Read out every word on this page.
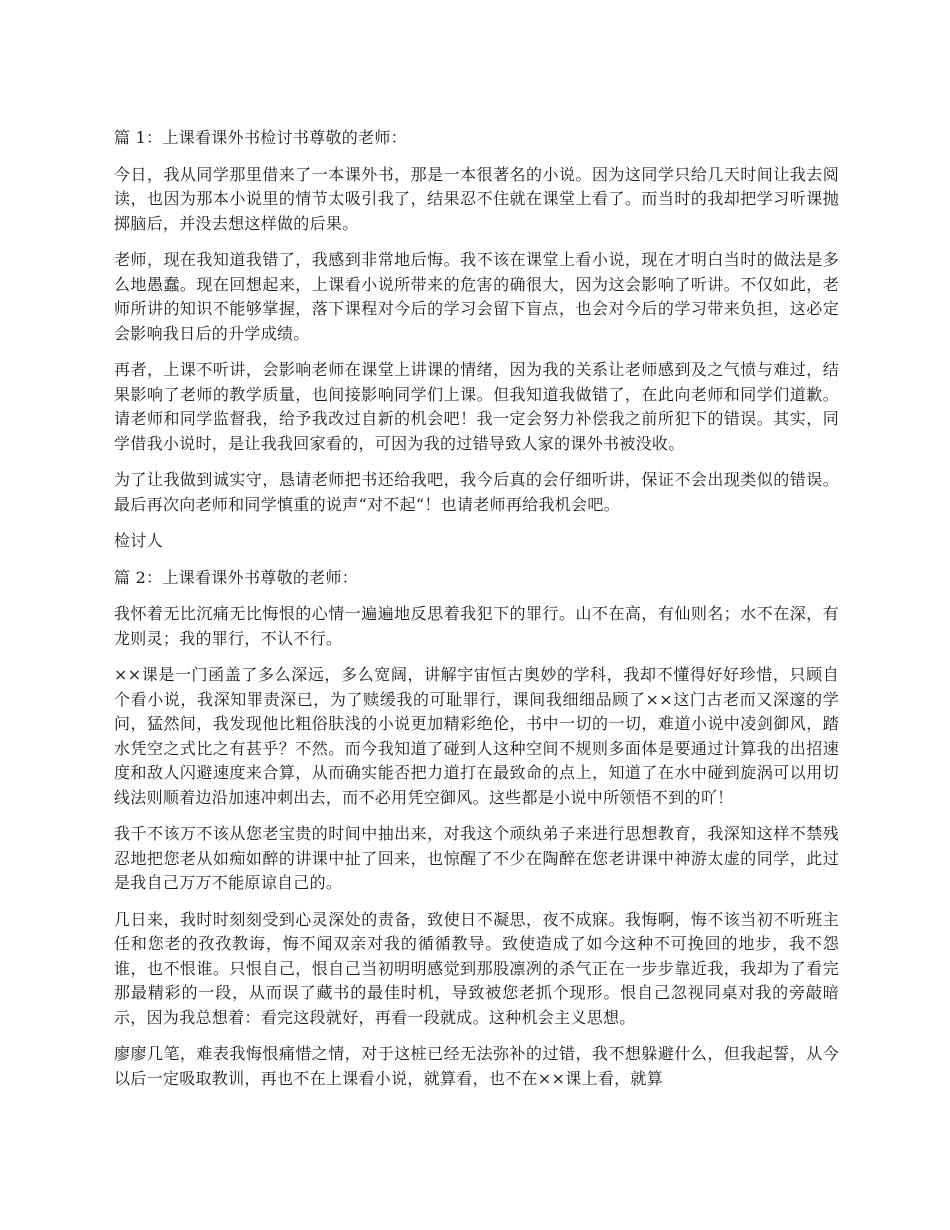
篇 1：上课看课外书检讨书尊敬的老师：

今日，我从同学那里借来了一本课外书，那是一本很著名的小说。因为这同学只给几天时间让我去阅读，也因为那本小说里的情节太吸引我了，结果忍不住就在课堂上看了。而当时的我却把学习听课抛掷脑后，并没去想这样做的后果。

老师，现在我知道我错了，我感到非常地后悔。我不该在课堂上看小说，现在才明白当时的做法是多么地愚蠢。现在回想起来，上课看小说所带来的危害的确很大，因为这会影响了听讲。不仅如此，老师所讲的知识不能够掌握，落下课程对今后的学习会留下盲点，也会对今后的学习带来负担，这必定会影响我日后的升学成绩。

再者，上课不听讲，会影响老师在课堂上讲课的情绪，因为我的关系让老师感到及之气愤与难过，结果影响了老师的教学质量，也间接影响同学们上课。但我知道我做错了，在此向老师和同学们道歉。请老师和同学监督我，给予我改过自新的机会吧！我一定会努力补偿我之前所犯下的错误。其实，同学借我小说时，是让我我回家看的，可因为我的过错导致人家的课外书被没收。

为了让我做到诚实守，恳请老师把书还给我吧，我今后真的会仔细听讲，保证不会出现类似的错误。最后再次向老师和同学慎重的说声“对不起“！也请老师再给我机会吧。

检讨人

篇 2：上课看课外书尊敬的老师：

我怀着无比沉痛无比悔恨的心情一遍遍地反思着我犯下的罪行。山不在高，有仙则名；水不在深，有龙则灵；我的罪行，不认不行。

××课是一门函盖了多么深远，多么宽阔，讲解宇宙恒古奥妙的学科，我却不懂得好好珍惜，只顾自个看小说，我深知罪责深已，为了赎缓我的可耻罪行，课间我细细品顾了××这门古老而又深邃的学问，猛然间，我发现他比粗俗肤浅的小说更加精彩绝伦，书中一切的一切，难道小说中凌剑御风，踏水凭空之式比之有甚乎？不然。而今我知道了碰到人这种空间不规则多面体是要通过计算我的出招速度和敌人闪避速度来合算，从而确实能否把力道打在最致命的点上，知道了在水中碰到旋涡可以用切线法则顺着边沿加速冲刺出去，而不必用凭空御风。这些都是小说中所领悟不到的吖！

我千不该万不该从您老宝贵的时间中抽出来，对我这个顽纨弟子来进行思想教育，我深知这样不禁残忍地把您老从如痴如醉的讲课中扯了回来，也惊醒了不少在陶醉在您老讲课中神游太虚的同学，此过是我自己万万不能原谅自己的。

几日来，我时时刻刻受到心灵深处的责备，致使日不凝思，夜不成寐。我悔啊，悔不该当初不听班主任和您老的孜孜教诲，悔不闻双亲对我的循循教导。致使造成了如今这种不可挽回的地步，我不怨谁，也不恨谁。只恨自己，恨自己当初明明感觉到那股凛冽的杀气正在一步步靠近我，我却为了看完那最精彩的一段，从而误了藏书的最佳时机，导致被您老抓个现形。恨自己忽视同桌对我的旁敲暗示，因为我总想着：看完这段就好，再看一段就成。这种机会主义思想。

廖廖几笔，难表我悔恨痛惜之情，对于这桩已经无法弥补的过错，我不想躲避什么，但我起誓，从今以后一定吸取教训，再也不在上课看小说，就算看，也不在××课上看，就算
